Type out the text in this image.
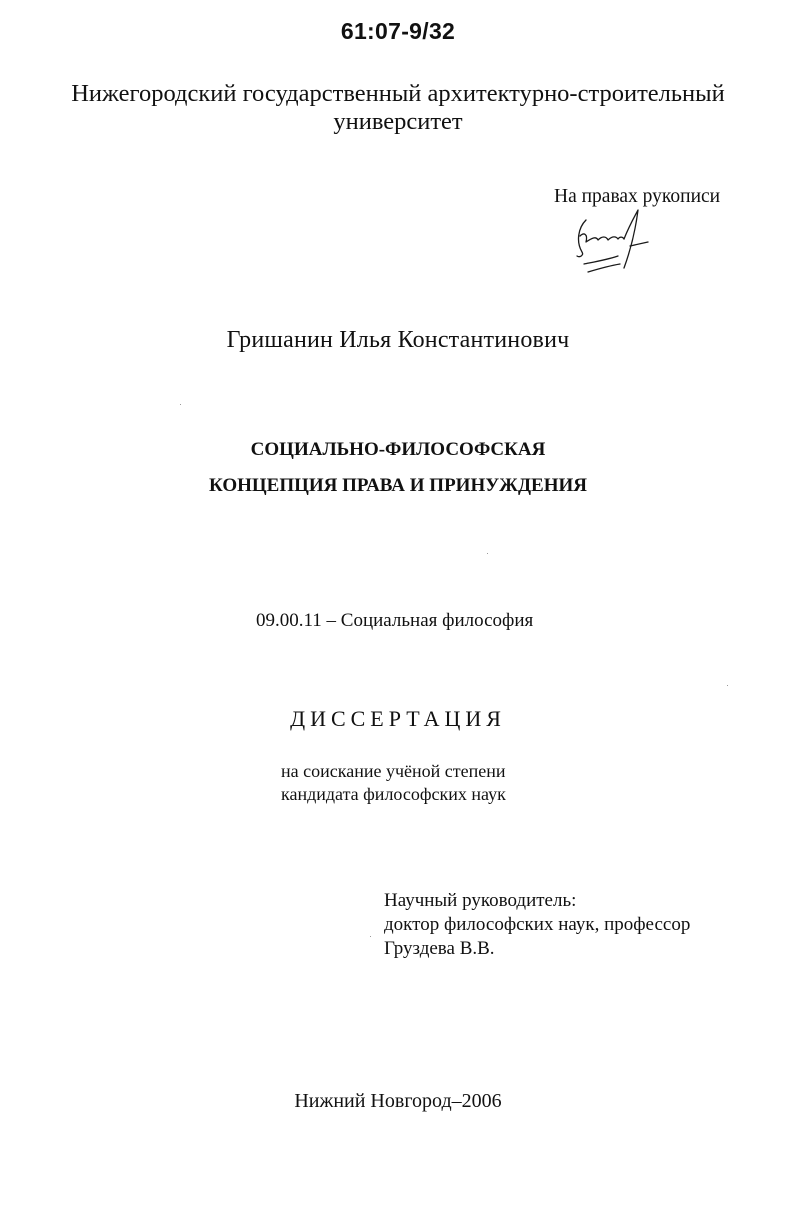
61:07-9/32
Нижегородский государственный архитектурно-строительный
университет
На правах рукописи
Гришанин Илья Константинович
СОЦИАЛЬНО-ФИЛОСОФСКАЯ
КОНЦЕПЦИЯ ПРАВА И ПРИНУЖДЕНИЯ
09.00.11 – Социальная философия
ДИССЕРТАЦИЯ
на соискание учёной степени
кандидата философских наук
Научный руководитель:
доктор философских наук, профессор
Груздева В.В.
Нижний Новгород–2006
